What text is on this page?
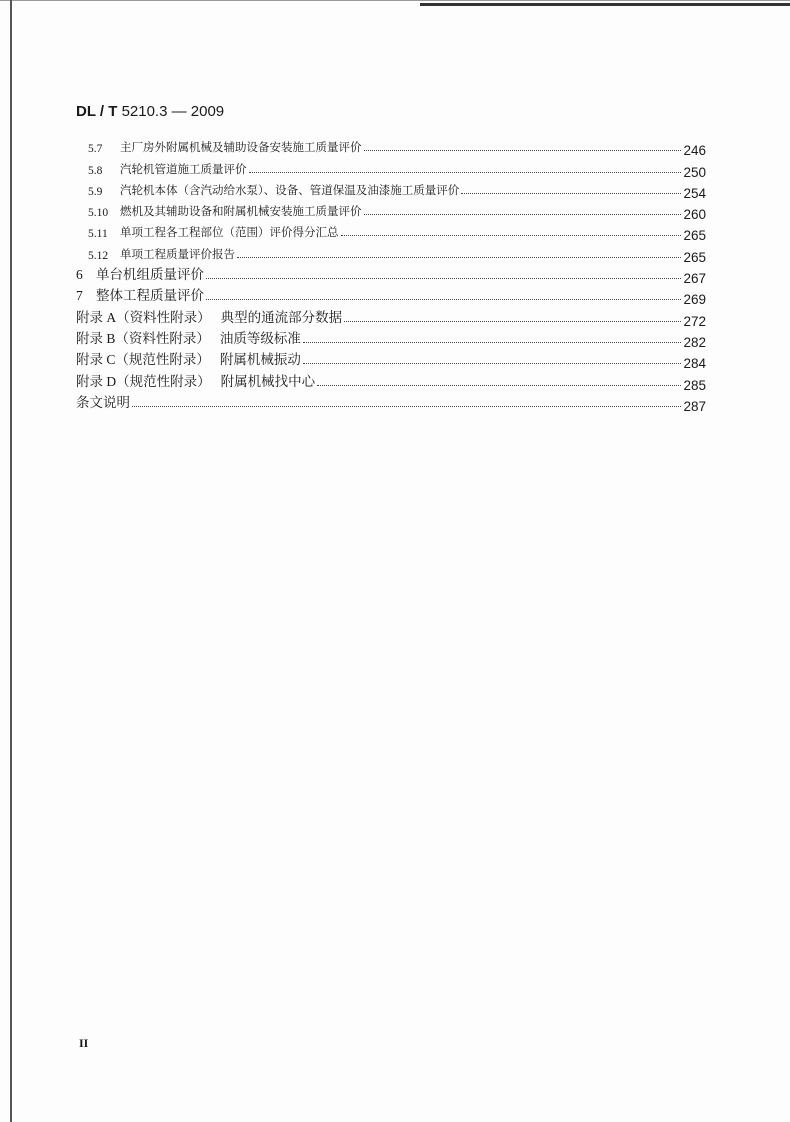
DL / T 5210.3 — 2009
5.7	主厂房外附属机械及辅助设备安装施工质量评价	246
5.8	汽轮机管道施工质量评价	250
5.9	汽轮机本体（含汽动给水泵）、设备、管道保温及油漆施工质量评价	254
5.10	燃机及其辅助设备和附属机械安装施工质量评价	260
5.11	单项工程各工程部位（范围）评价得分汇总	265
5.12	单项工程质量评价报告	265
6 单台机组质量评价	267
7 整体工程质量评价	269
附录 A（资料性附录） 典型的通流部分数据	272
附录 B（资料性附录） 油质等级标准	282
附录 C（规范性附录） 附属机械振动	284
附录 D（规范性附录） 附属机械找中心	285
条文说明	287
II
